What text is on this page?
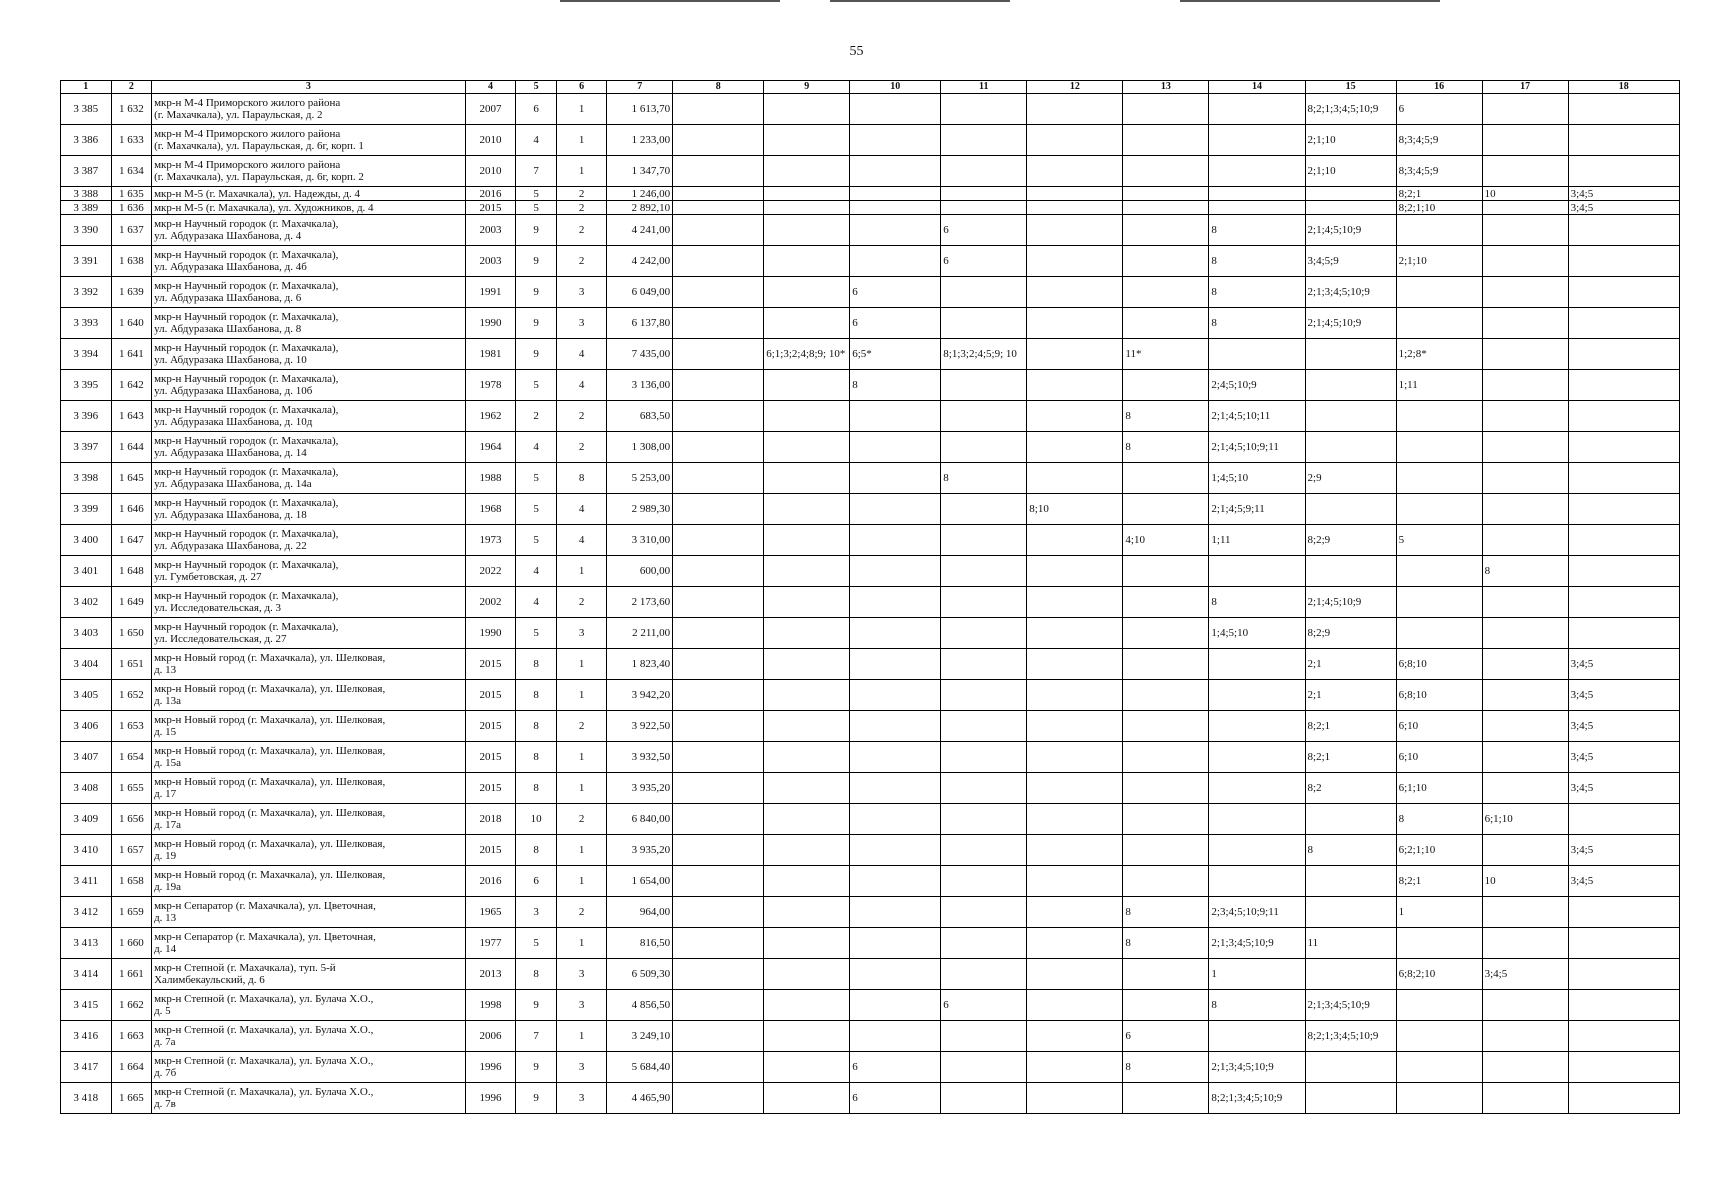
55
1	2	3	4	5	6	7	8	9	10	11	12	13	14	15	16	17	18
3 385	1 632	мкр-н М-4 Приморского жилого района
(г. Махачкала), ул. Параульская, д. 2	2007	6	1	1 613,70								8;2;1;3;4;5;10;9	6		
3 386	1 633	мкр-н М-4 Приморского жилого района
(г. Махачкала), ул. Параульская, д. 6г, корп. 1	2010	4	1	1 233,00								2;1;10	8;3;4;5;9		
3 387	1 634	мкр-н М-4 Приморского жилого района
(г. Махачкала), ул. Параульская, д. 6г, корп. 2	2010	7	1	1 347,70								2;1;10	8;3;4;5;9		
3 388	1 635	мкр-н М-5 (г. Махачкала), ул. Надежды, д. 4	2016	5	2	1 246,00									8;2;1	10	3;4;5
3 389	1 636	мкр-н М-5 (г. Махачкала), ул. Художников, д. 4	2015	5	2	2 892,10									8;2;1;10		3;4;5
3 390	1 637	мкр-н Научный городок (г. Махачкала),
ул. Абдуразака Шахбанова, д. 4	2003	9	2	4 241,00				6			8	2;1;4;5;10;9			
3 391	1 638	мкр-н Научный городок (г. Махачкала),
ул. Абдуразака Шахбанова, д. 4б	2003	9	2	4 242,00				6			8	3;4;5;9	2;1;10		
3 392	1 639	мкр-н Научный городок (г. Махачкала),
ул. Абдуразака Шахбанова, д. 6	1991	9	3	6 049,00			6				8	2;1;3;4;5;10;9			
3 393	1 640	мкр-н Научный городок (г. Махачкала),
ул. Абдуразака Шахбанова, д. 8	1990	9	3	6 137,80			6				8	2;1;4;5;10;9			
3 394	1 641	мкр-н Научный городок (г. Махачкала),
ул. Абдуразака Шахбанова, д. 10	1981	9	4	7 435,00		6;1;3;2;4;8;9; 10*	6;5*	8;1;3;2;4;5;9; 10		11*			1;2;8*		
3 395	1 642	мкр-н Научный городок (г. Махачкала),
ул. Абдуразака Шахбанова, д. 10б	1978	5	4	3 136,00			8				2;4;5;10;9		1;11		
3 396	1 643	мкр-н Научный городок (г. Махачкала),
ул. Абдуразака Шахбанова, д. 10д	1962	2	2	683,50						8	2;1;4;5;10;11				
3 397	1 644	мкр-н Научный городок (г. Махачкала),
ул. Абдуразака Шахбанова, д. 14	1964	4	2	1 308,00						8	2;1;4;5;10;9;11				
3 398	1 645	мкр-н Научный городок (г. Махачкала),
ул. Абдуразака Шахбанова, д. 14а	1988	5	8	5 253,00				8			1;4;5;10	2;9			
3 399	1 646	мкр-н Научный городок (г. Махачкала),
ул. Абдуразака Шахбанова, д. 18	1968	5	4	2 989,30					8;10		2;1;4;5;9;11				
3 400	1 647	мкр-н Научный городок (г. Махачкала),
ул. Абдуразака Шахбанова, д. 22	1973	5	4	3 310,00						4;10	1;11	8;2;9	5		
3 401	1 648	мкр-н Научный городок (г. Махачкала),
ул. Гумбетовская, д. 27	2022	4	1	600,00										8	
3 402	1 649	мкр-н Научный городок (г. Махачкала),
ул. Исследовательская, д. 3	2002	4	2	2 173,60							8	2;1;4;5;10;9			
3 403	1 650	мкр-н Научный городок (г. Махачкала),
ул. Исследовательская, д. 27	1990	5	3	2 211,00							1;4;5;10	8;2;9			
3 404	1 651	мкр-н Новый город (г. Махачкала), ул. Шелковая,
д. 13	2015	8	1	1 823,40								2;1	6;8;10		3;4;5
3 405	1 652	мкр-н Новый город (г. Махачкала), ул. Шелковая,
д. 13а	2015	8	1	3 942,20								2;1	6;8;10		3;4;5
3 406	1 653	мкр-н Новый город (г. Махачкала), ул. Шелковая,
д. 15	2015	8	2	3 922,50								8;2;1	6;10		3;4;5
3 407	1 654	мкр-н Новый город (г. Махачкала), ул. Шелковая,
д. 15а	2015	8	1	3 932,50								8;2;1	6;10		3;4;5
3 408	1 655	мкр-н Новый город (г. Махачкала), ул. Шелковая,
д. 17	2015	8	1	3 935,20								8;2	6;1;10		3;4;5
3 409	1 656	мкр-н Новый город (г. Махачкала), ул. Шелковая,
д. 17а	2018	10	2	6 840,00									8	6;1;10	
3 410	1 657	мкр-н Новый город (г. Махачкала), ул. Шелковая,
д. 19	2015	8	1	3 935,20								8	6;2;1;10		3;4;5
3 411	1 658	мкр-н Новый город (г. Махачкала), ул. Шелковая,
д. 19а	2016	6	1	1 654,00									8;2;1	10	3;4;5
3 412	1 659	мкр-н Сепаратор (г. Махачкала), ул. Цветочная,
д. 13	1965	3	2	964,00						8	2;3;4;5;10;9;11		1		
3 413	1 660	мкр-н Сепаратор (г. Махачкала), ул. Цветочная,
д. 14	1977	5	1	816,50						8	2;1;3;4;5;10;9	11			
3 414	1 661	мкр-н Степной (г. Махачкала), туп. 5-й
Халимбекаульский, д. 6	2013	8	3	6 509,30							1		6;8;2;10	3;4;5	
3 415	1 662	мкр-н Степной (г. Махачкала), ул. Булача Х.О.,
д. 5	1998	9	3	4 856,50				6			8	2;1;3;4;5;10;9			
3 416	1 663	мкр-н Степной (г. Махачкала), ул. Булача Х.О.,
д. 7а	2006	7	1	3 249,10						6		8;2;1;3;4;5;10;9			
3 417	1 664	мкр-н Степной (г. Махачкала), ул. Булача Х.О.,
д. 7б	1996	9	3	5 684,40			6			8	2;1;3;4;5;10;9				
3 418	1 665	мкр-н Степной (г. Махачкала), ул. Булача Х.О.,
д. 7в	1996	9	3	4 465,90			6				8;2;1;3;4;5;10;9				
